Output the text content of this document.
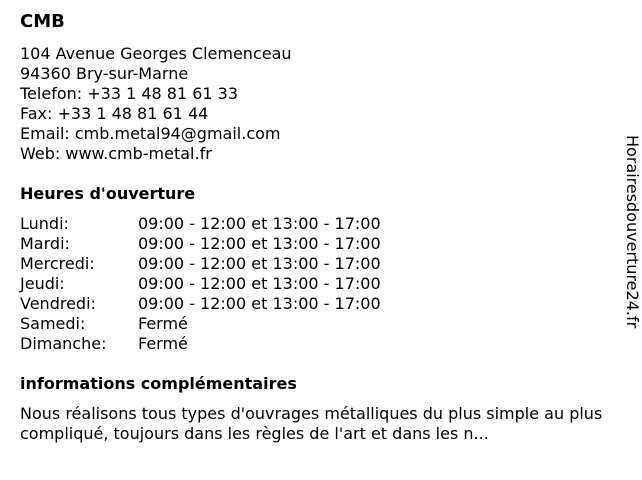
CMB
104 Avenue Georges Clemenceau
94360 Bry-sur-Marne
Telefon: +33 1 48 81 61 33
Fax: +33 1 48 81 61 44
Email: cmb.metal94@gmail.com
Web: www.cmb-metal.fr
Heures d'ouverture
Lundi:	09:00 - 12:00 et 13:00 - 17:00
Mardi:	09:00 - 12:00 et 13:00 - 17:00
Mercredi:	09:00 - 12:00 et 13:00 - 17:00
Jeudi:	09:00 - 12:00 et 13:00 - 17:00
Vendredi:	09:00 - 12:00 et 13:00 - 17:00
Samedi:	Fermé
Dimanche:	Fermé
informations complémentaires
Nous réalisons tous types d'ouvrages métalliques du plus simple au plus compliqué, toujours dans les règles de l'art et dans les n...
Horairesdouverture24.fr
